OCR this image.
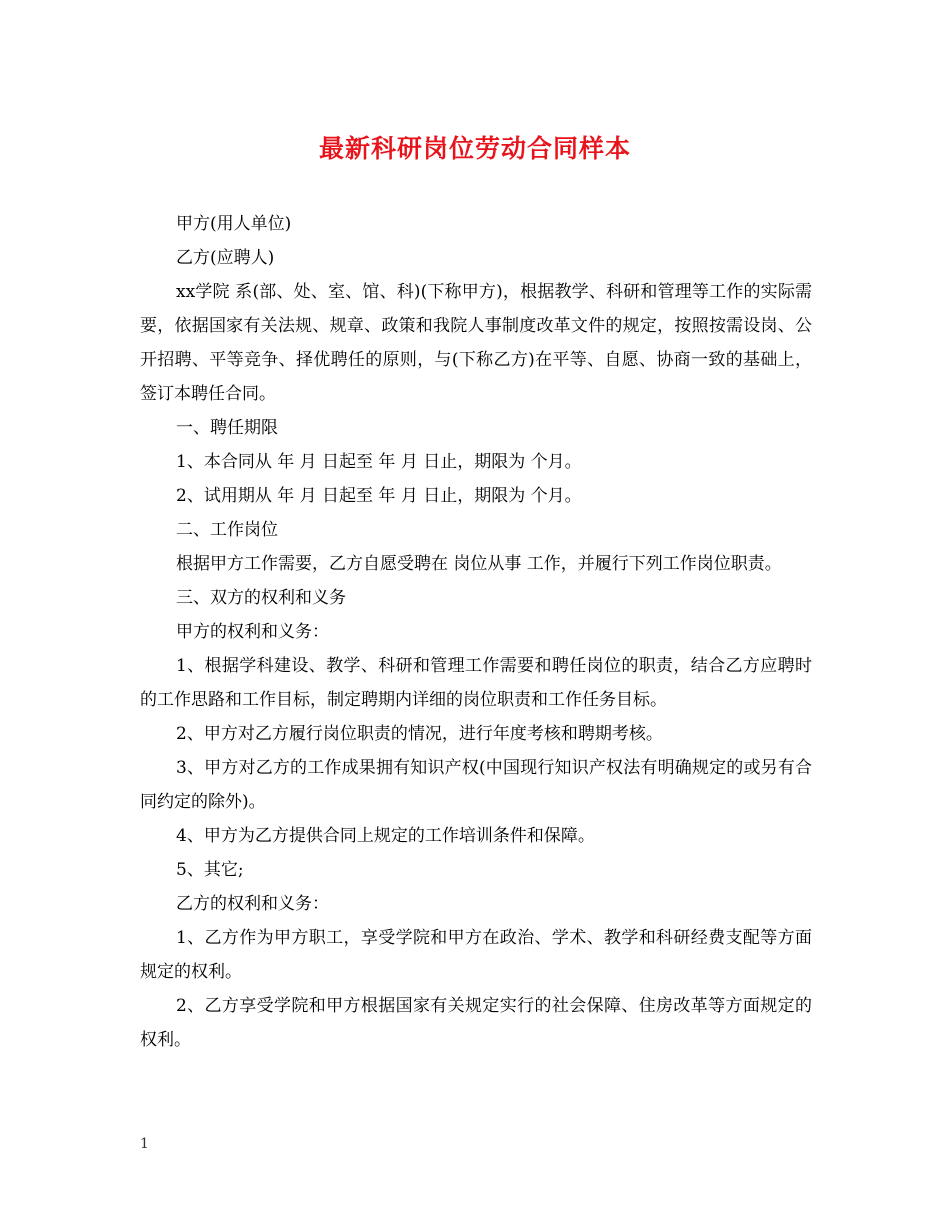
最新科研岗位劳动合同样本

甲方(用人单位)

乙方(应聘人)

xx学院 系(部、处、室、馆、科)(下称甲方)，根据教学、科研和管理等工作的实际需要，依据国家有关法规、规章、政策和我院人事制度改革文件的规定，按照按需设岗、公开招聘、平等竞争、择优聘任的原则，与(下称乙方)在平等、自愿、协商一致的基础上，签订本聘任合同。

一、聘任期限

1、本合同从 年 月 日起至 年 月 日止，期限为 个月。

2、试用期从 年 月 日起至 年 月 日止，期限为 个月。

二、工作岗位

根据甲方工作需要，乙方自愿受聘在 岗位从事 工作，并履行下列工作岗位职责。

三、双方的权利和义务

甲方的权利和义务：

1、根据学科建设、教学、科研和管理工作需要和聘任岗位的职责，结合乙方应聘时的工作思路和工作目标，制定聘期内详细的岗位职责和工作任务目标。

2、甲方对乙方履行岗位职责的情况，进行年度考核和聘期考核。

3、甲方对乙方的工作成果拥有知识产权(中国现行知识产权法有明确规定的或另有合同约定的除外)。

4、甲方为乙方提供合同上规定的工作培训条件和保障。

5、其它;

乙方的权利和义务：

1、乙方作为甲方职工，享受学院和甲方在政治、学术、教学和科研经费支配等方面规定的权利。

2、乙方享受学院和甲方根据国家有关规定实行的社会保障、住房改革等方面规定的权利。

1
